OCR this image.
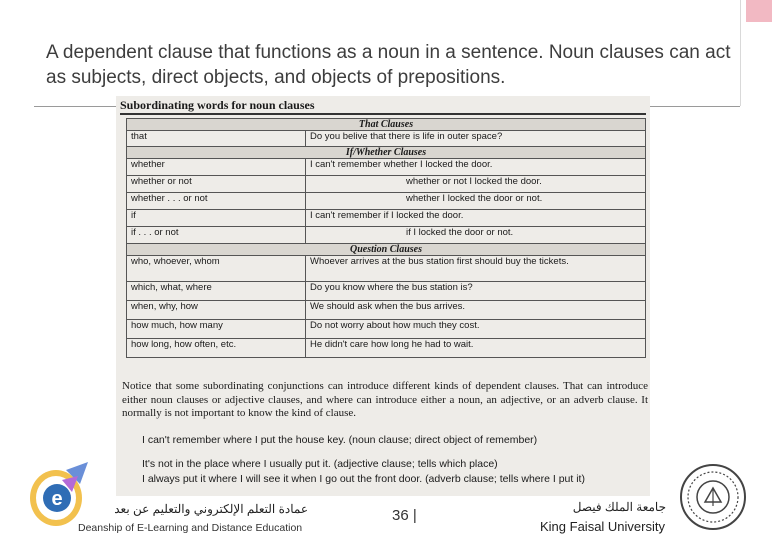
A dependent clause that functions as a noun in a sentence. Noun clauses can act as subjects, direct objects, and objects of prepositions.
Subordinating words for noun clauses
That Clauses	
that	Do you belive that there is life in outer space?
If/Whether Clauses	
whether	I can't remember whether I locked the door.
whether or not	whether or not I locked the door.
whether . . . or not	whether I locked the door or not.
if	I can't remember if I locked the door.
if . . . or not	if I locked the door or not.
Question Clauses	
who, whoever, whom	Whoever arrives at the bus station first should buy the tickets.
which, what, where	Do you know where the bus station is?
when, why, how	We should ask when the bus arrives.
how much, how many	Do not worry about how much they cost.
how long, how often, etc.	He didn't care how long he had to wait.
Notice that some subordinating conjunctions can introduce different kinds of dependent clauses. That can introduce either noun clauses or adjective clauses, and where can introduce either a noun, an adjective, or an adverb clause. It normally is not important to know the kind of clause.
I can't remember where I put the house key. (noun clause; direct object of remember)
It's not in the place where I usually put it. (adjective clause; tells which place)
I always put it where I will see it when I go out the front door. (adverb clause; tells where I put it)
e	عمادة التعلم الإلكتروني والتعليم عن بعد
Deanship of E-Learning and Distance Education
36 |	جامعة الملك فيصل
King Faisal University
